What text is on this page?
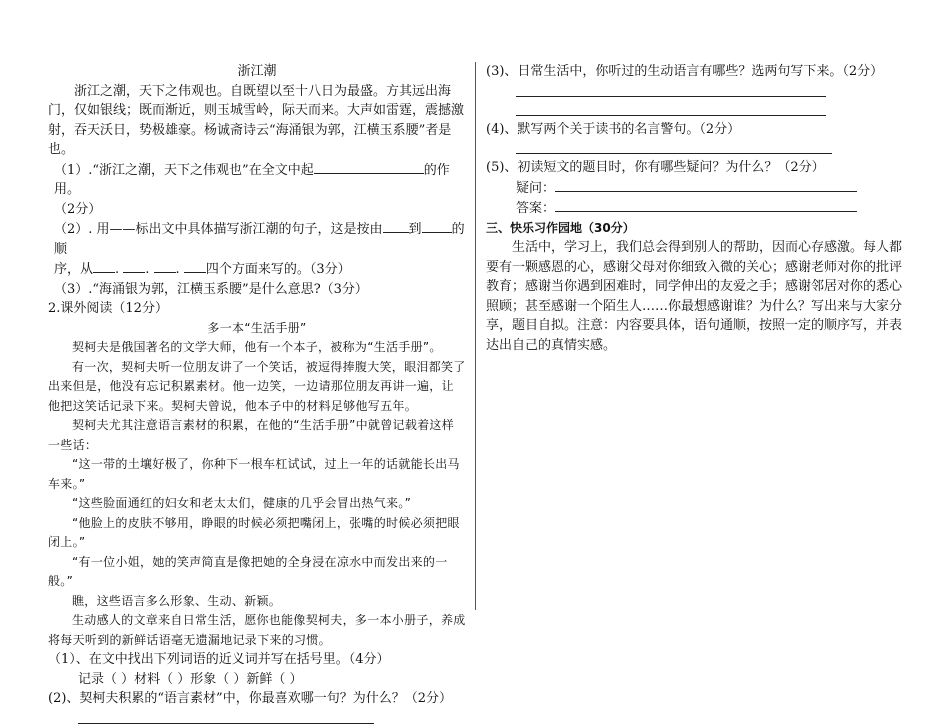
浙江潮

浙江之潮，天下之伟观也。自既望以至十八日为最盛。方其远出海门，仅如银线；既而渐近，则玉城雪岭，际天而来。大声如雷霆，震撼激射，吞天沃日，势极雄豪。杨诚斋诗云“海涌银为郭，江横玉系腰”者是也。

（1）.“浙江之潮，天下之伟观也”在全文中起	的作用。

（2分）

（2）. 用——标出文中具体描写浙江潮的句子，这是按由 到 的顺

序，从 . . . 四个方面来写的。（3分）

（3）.“海涌银为郭，江横玉系腰”是什么意思?（3分）

2.课外阅读（12分）

多一本“生活手册”

契柯夫是俄国著名的文学大师，他有一个本子，被称为“生活手册”。

有一次，契柯夫听一位朋友讲了一个笑话，被逗得捧腹大笑，眼泪都笑了出来但是，他没有忘记积累素材。他一边笑，一边请那位朋友再讲一遍，让他把这笑话记录下来。契柯夫曾说，他本子中的材料足够他写五年。

契柯夫尤其注意语言素材的积累，在他的“生活手册”中就曾记载着这样一些话：

“这一带的土壤好极了，你种下一根车杠试试，过上一年的话就能长出马车来。”

“这些脸面通红的妇女和老太太们，健康的几乎会冒出热气来。”

“他脸上的皮肤不够用，睁眼的时候必须把嘴闭上，张嘴的时候必须把眼闭上。”

“有一位小姐，她的笑声简直是像把她的全身浸在凉水中而发出来的一般。”

瞧，这些语言多么形象、生动、新颖。

生动感人的文章来自日常生活，愿你也能像契柯夫，多一本小册子，养成将每天听到的新鲜话语毫无遗漏地记录下来的习惯。

（1）、在文中找出下列词语的近义词并写在括号里。（4分）

记录（ ）材料（ ）形象（ ）新鲜（ ）

(2)、契柯夫积累的“语言素材”中，你最喜欢哪一句？为什么？（2分）

(3)、日常生活中，你听过的生动语言有哪些？选两句写下来。（2分）

(4)、默写两个关于读书的名言警句。（2分）

(5)、初读短文的题目时，你有哪些疑问？为什么？（2分）

疑问：

答案：

三、快乐习作园地（30分）

生活中，学习上，我们总会得到别人的帮助，因而心存感激。每人都要有一颗感恩的心，感谢父母对你细致入微的关心；感谢老师对你的批评教育；感谢当你遇到困难时，同学伸出的友爱之手；感谢邻居对你的悉心照顾；甚至感谢一个陌生人……你最想感谢谁？为什么？写出来与大家分享，题目自拟。注意：内容要具体，语句通顺，按照一定的顺序写，并表达出自己的真情实感。
